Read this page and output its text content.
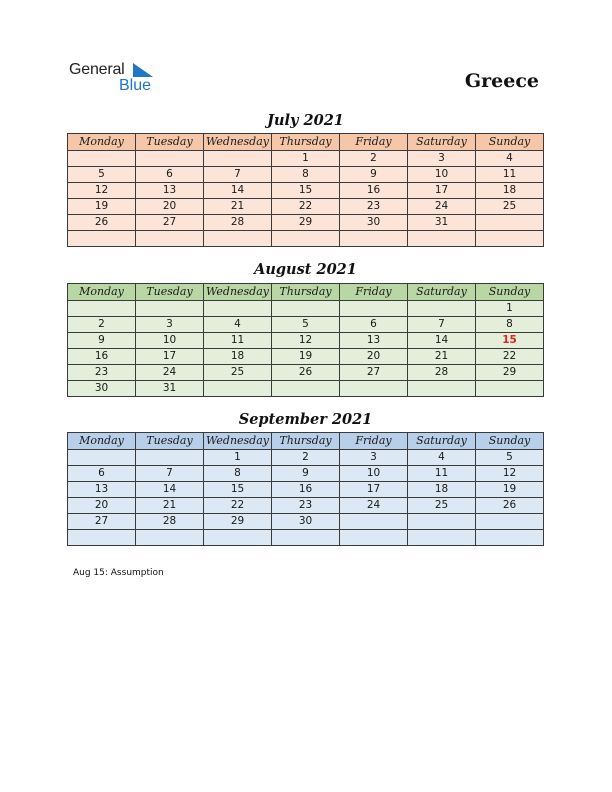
General
Blue	Greece
July 2021
Monday	Tuesday	Wednesday	Thursday	Friday	Saturday	Sunday
			1	2	3	4
5	6	7	8	9	10	11
12	13	14	15	16	17	18
19	20	21	22	23	24	25
26	27	28	29	30	31	

August 2021
Monday	Tuesday	Wednesday	Thursday	Friday	Saturday	Sunday
						1
2	3	4	5	6	7	8
9	10	11	12	13	14	15
16	17	18	19	20	21	22
23	24	25	26	27	28	29
30	31					
September 2021
Monday	Tuesday	Wednesday	Thursday	Friday	Saturday	Sunday
		1	2	3	4	5
6	7	8	9	10	11	12
13	14	15	16	17	18	19
20	21	22	23	24	25	26
27	28	29	30			

Aug 15: Assumption
